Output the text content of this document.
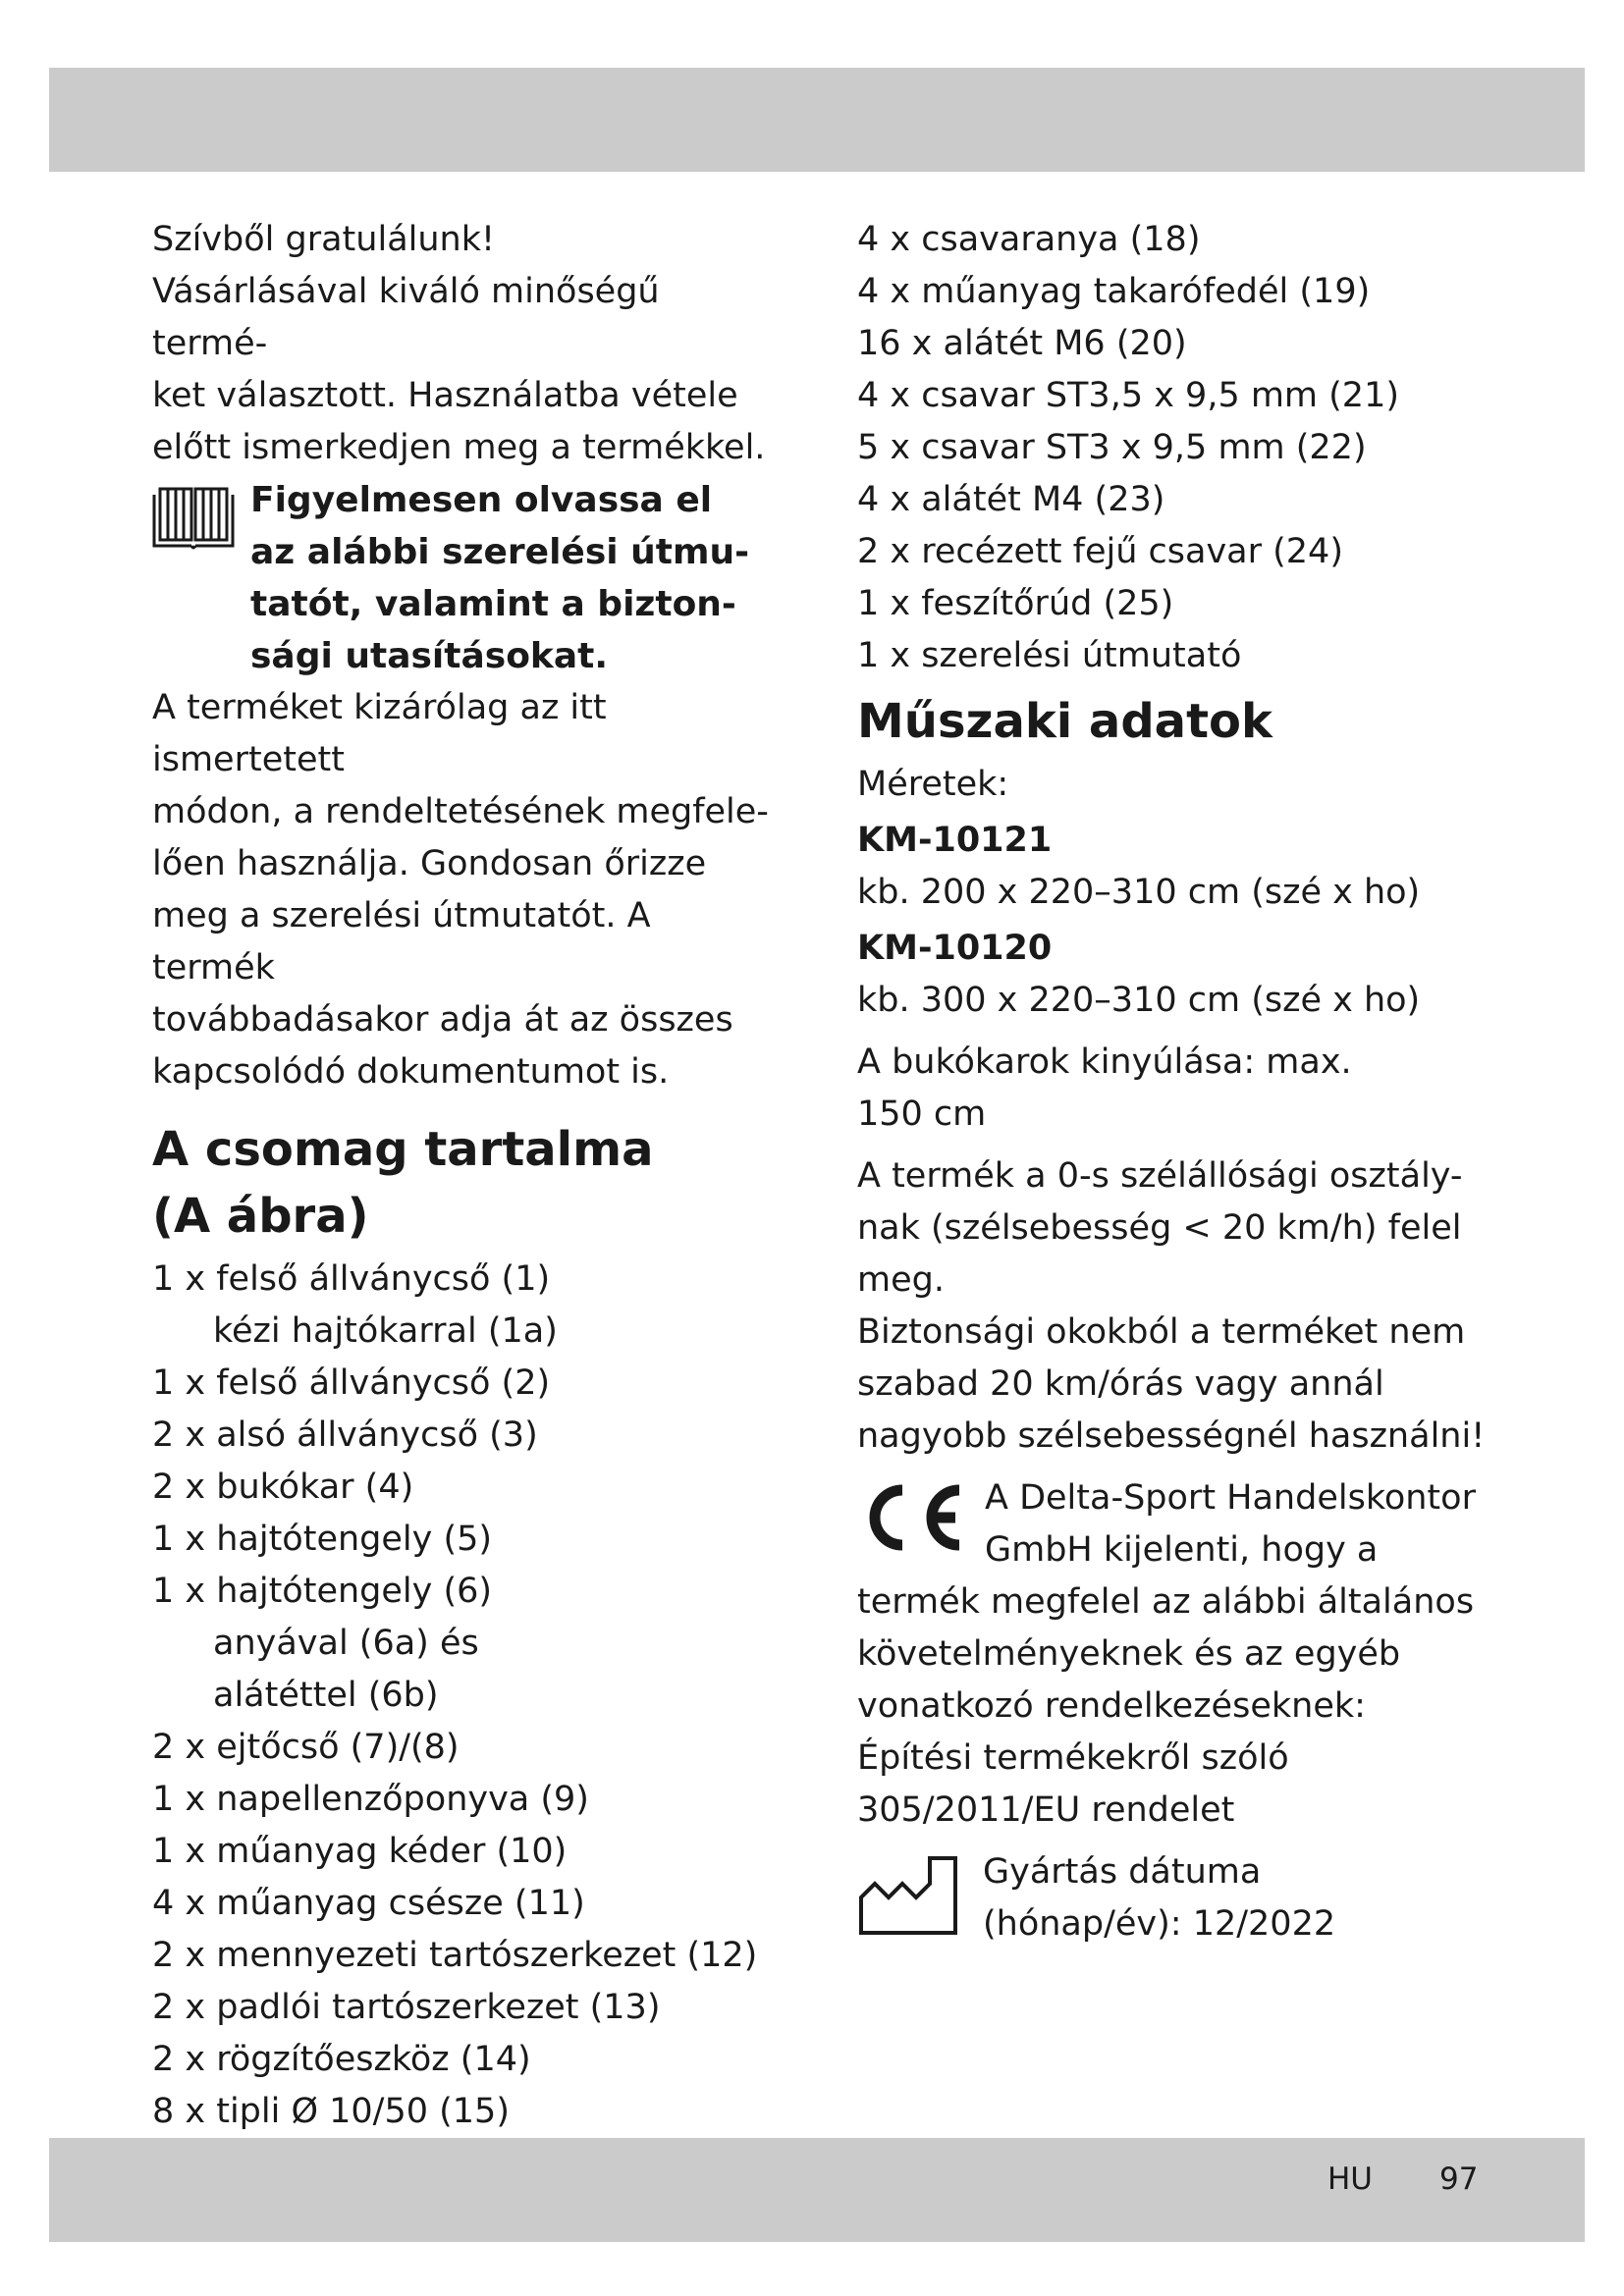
Szívből gratulálunk!

Vásárlásával kiváló minőségű termé-

ket választott. Használatba vétele

előtt ismerkedjen meg a termékkel.

Figyelmesen olvassa el
az alábbi szerelési útmu-
tatót, valamint a bizton-
sági utasításokat.

A terméket kizárólag az itt ismertetett

módon, a rendeltetésének megfele-

lően használja. Gondosan őrizze

meg a szerelési útmutatót. A termék

továbbadásakor adja át az összes

kapcsolódó dokumentumot is.

A csomag tartalma
(A ábra)
1 x felső állványcső (1)
kézi hajtókarral (1a)
1 x felső állványcső (2)
2 x alsó állványcső (3)
2 x bukókar (4)
1 x hajtótengely (5)
1 x hajtótengely (6)
anyával (6a) és
alátéttel (6b)
2 x ejtőcső (7)/(8)
1 x napellenzőponyva (9)
1 x műanyag kéder (10)
4 x műanyag csésze (11)
2 x mennyezeti tartószerkezet (12)
2 x padlói tartószerkezet (13)
2 x rögzítőeszköz (14)
8 x tipli Ø 10/50 (15)
4 x csavaranya (18)
4 x műanyag takarófedél (19)
16 x alátét M6 (20)
4 x csavar ST3,5 x 9,5 mm (21)
5 x csavar ST3 x 9,5 mm (22)
4 x alátét M4 (23)
2 x recézett fejű csavar (24)
1 x feszítőrúd (25)
1 x szerelési útmutató
Műszaki adatok

Méretek:

KM-10121

kb. 200 x 220–310 cm (szé x ho)

KM-10120

kb. 300 x 220–310 cm (szé x ho)

A bukókarok kinyúlása: max.

150 cm

A termék a 0-s szélállósági osztály-

nak (szélsebesség < 20 km/h) felel

meg.

Biztonsági okokból a terméket nem

szabad 20 km/órás vagy annál

nagyobb szélsebességnél használni!

A Delta-Sport Handelskontor
GmbH kijelenti, hogy a

termék megfelel az alábbi általános

követelményeknek és az egyéb

vonatkozó rendelkezéseknek:

Építési termékekről szóló

305/2011/EU rendelet

Gyártás dátuma
(hónap/év): 12/2022
HU 97
